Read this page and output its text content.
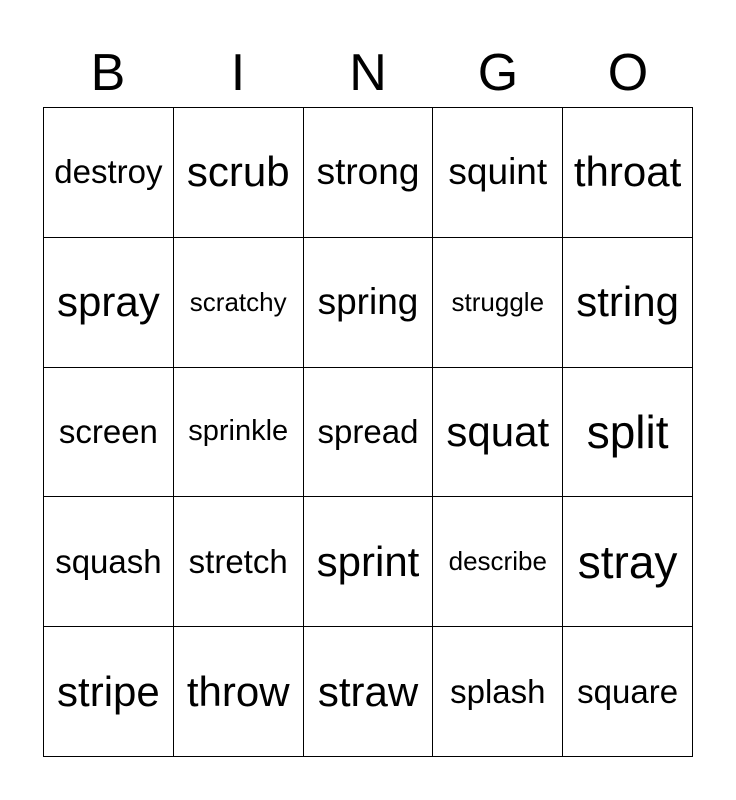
B	I	N	G	O
destroy scrub strong squint throat
spray	scratchy spring	struggle string
screen	sprinkle spread squat split
squash stretch sprint	describe stray
stripe throw straw splash square
